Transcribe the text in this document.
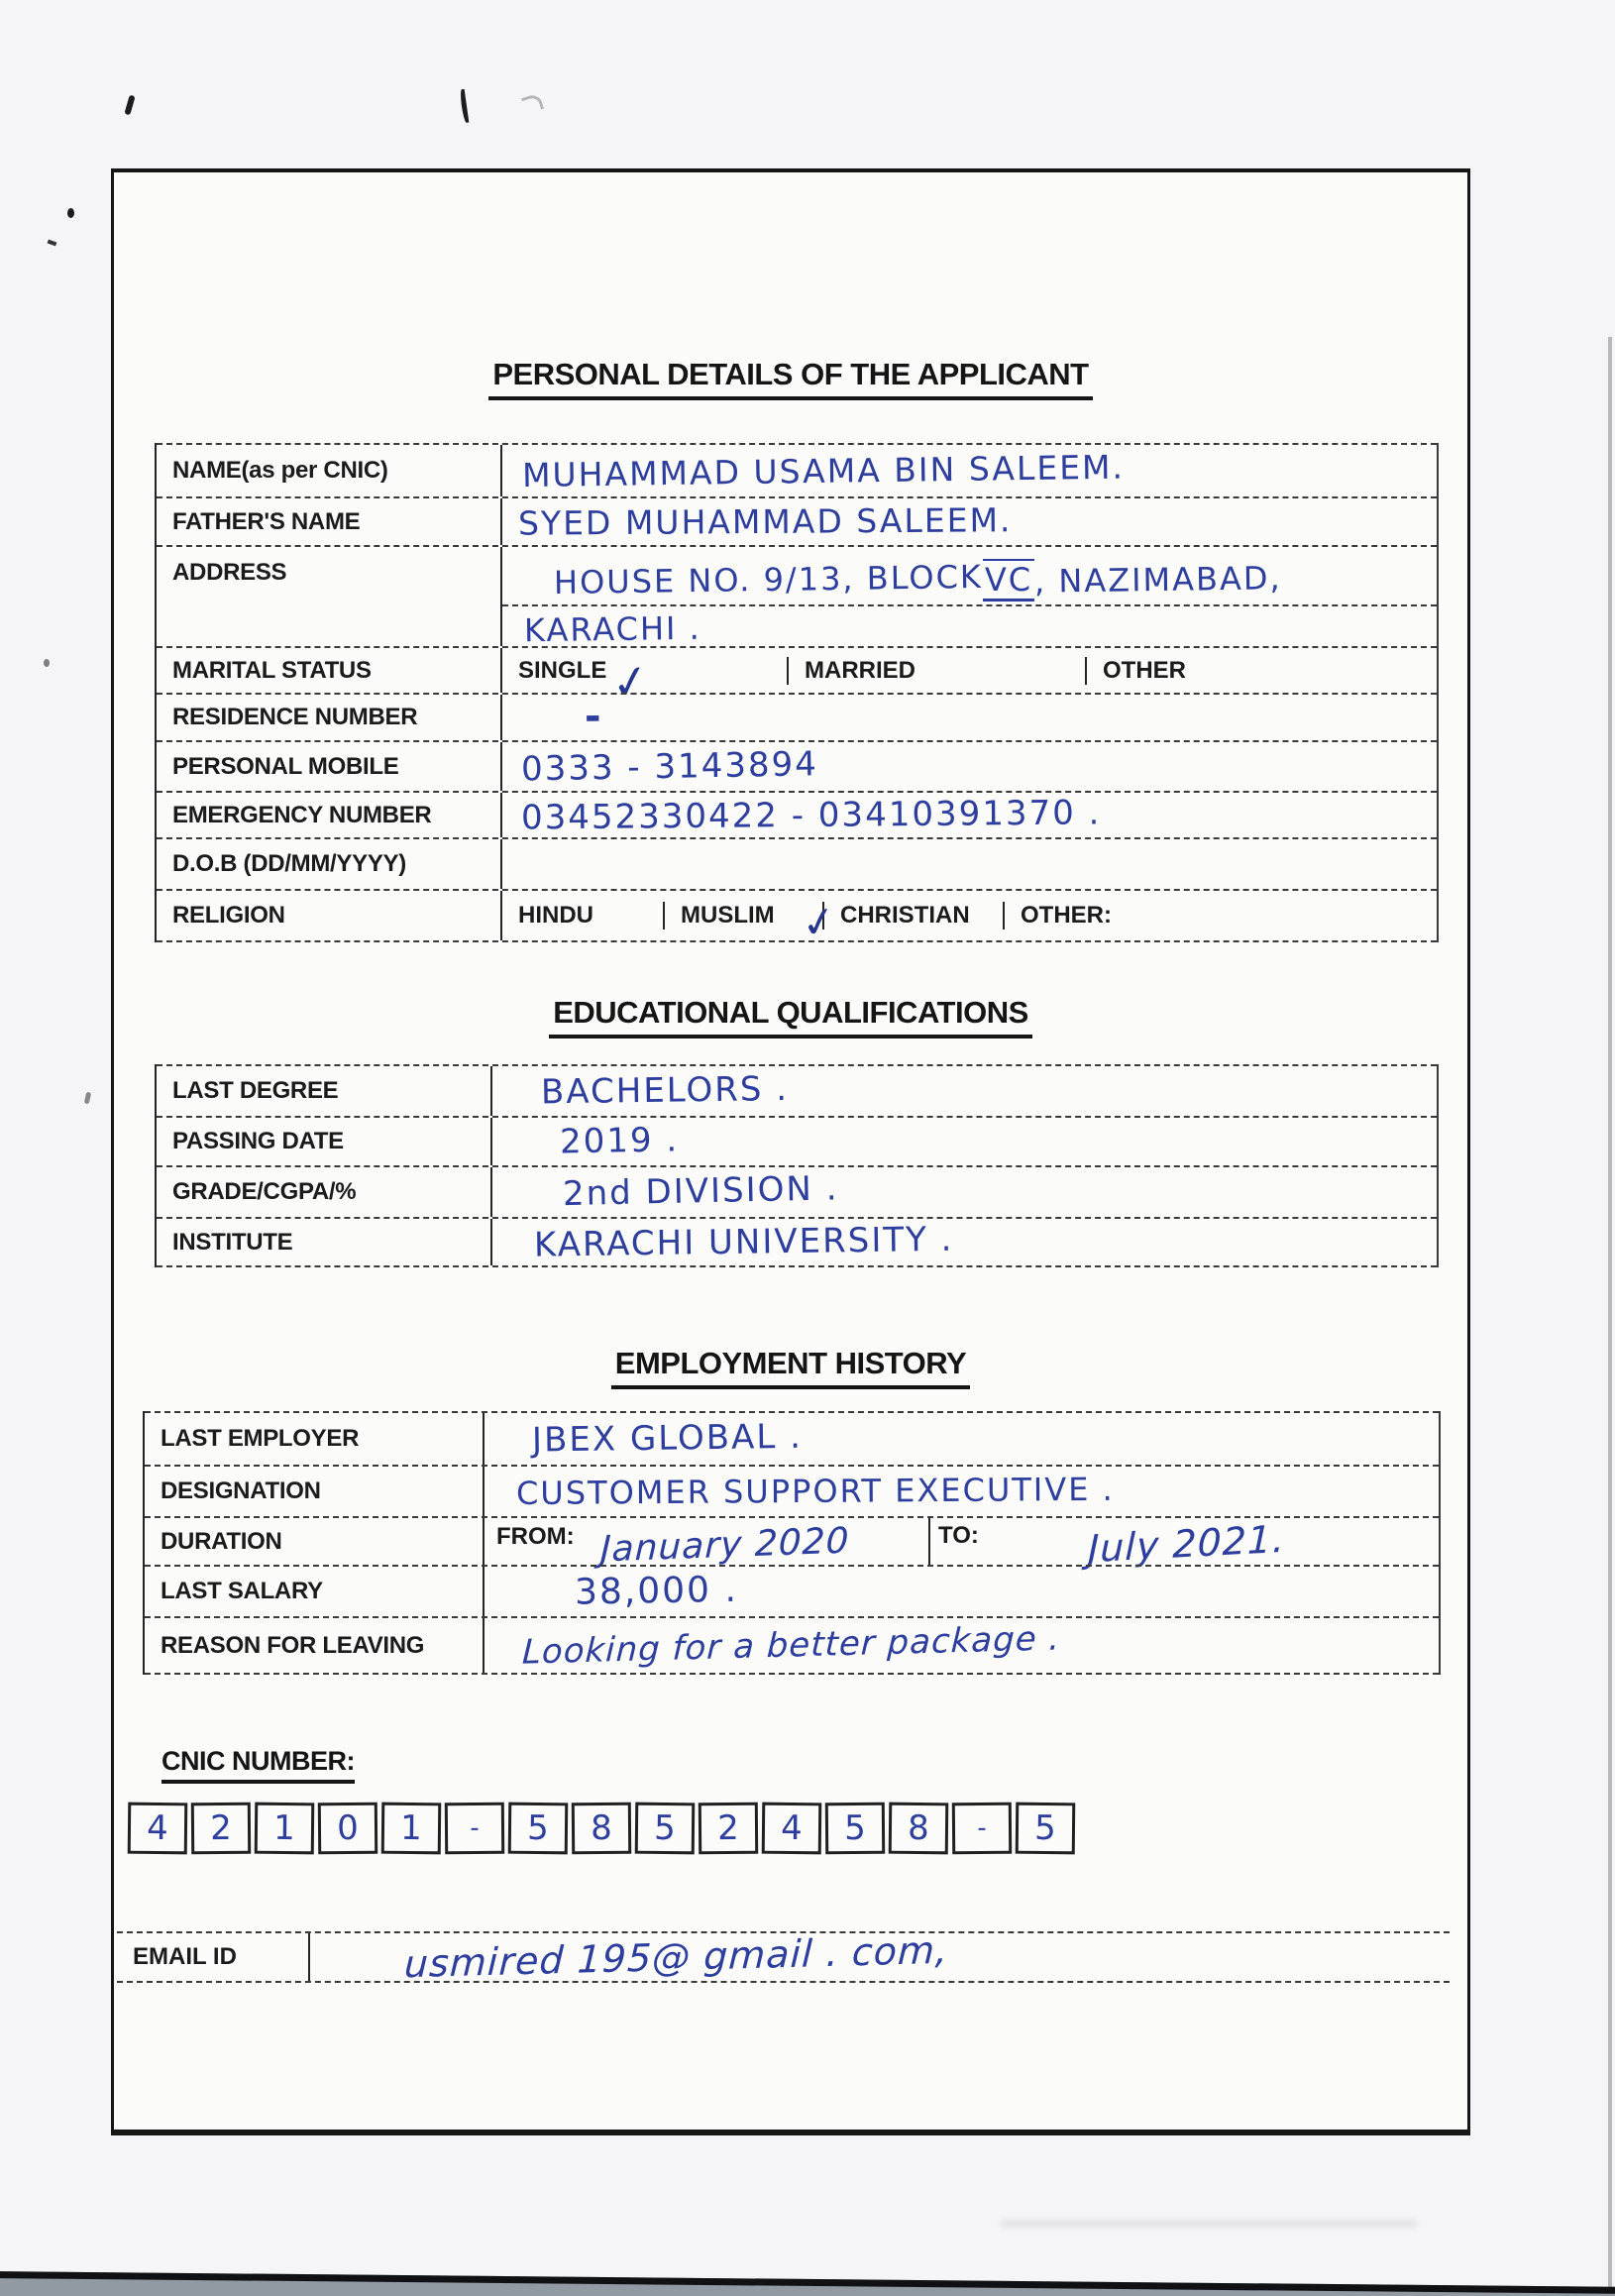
PERSONAL DETAILS OF THE APPLICANT
NAME(as per CNIC)	MUHAMMAD USAMA BIN SALEEM.
FATHER'S NAME	SYED MUHAMMAD SALEEM.
ADDRESS	HOUSE NO. 9/13, BLOCKVC, NAZIMABAD,
KARACHI .
MARITAL STATUS	SINGLE ✓	MARRIED	OTHER
RESIDENCE NUMBER	-
PERSONAL MOBILE	0333 - 3143894
EMERGENCY NUMBER	03452330422 - 03410391370 .
D.O.B (DD/MM/YYYY)
RELIGION	HINDU	MUSLIM ✓ CHRISTIAN OTHER:
EDUCATIONAL QUALIFICATIONS
LAST DEGREE	BACHELORS .
PASSING DATE	2019 .
GRADE/CGPA/%	2nd DIVISION .
INSTITUTE	KARACHI UNIVERSITY .
EMPLOYMENT HISTORY
LAST EMPLOYER	JBEX GLOBAL .
DESIGNATION	CUSTOMER SUPPORT EXECUTIVE .
DURATION	FROM: January 2020	TO:	July 2021.
LAST SALARY	38,000 .
REASON FOR LEAVING	Looking for a better package .
CNIC NUMBER:
4 2 1 0 1 - 5 8 5 2 4 5 8 - 5
EMAIL ID	usmired 195@ gmail . com,
